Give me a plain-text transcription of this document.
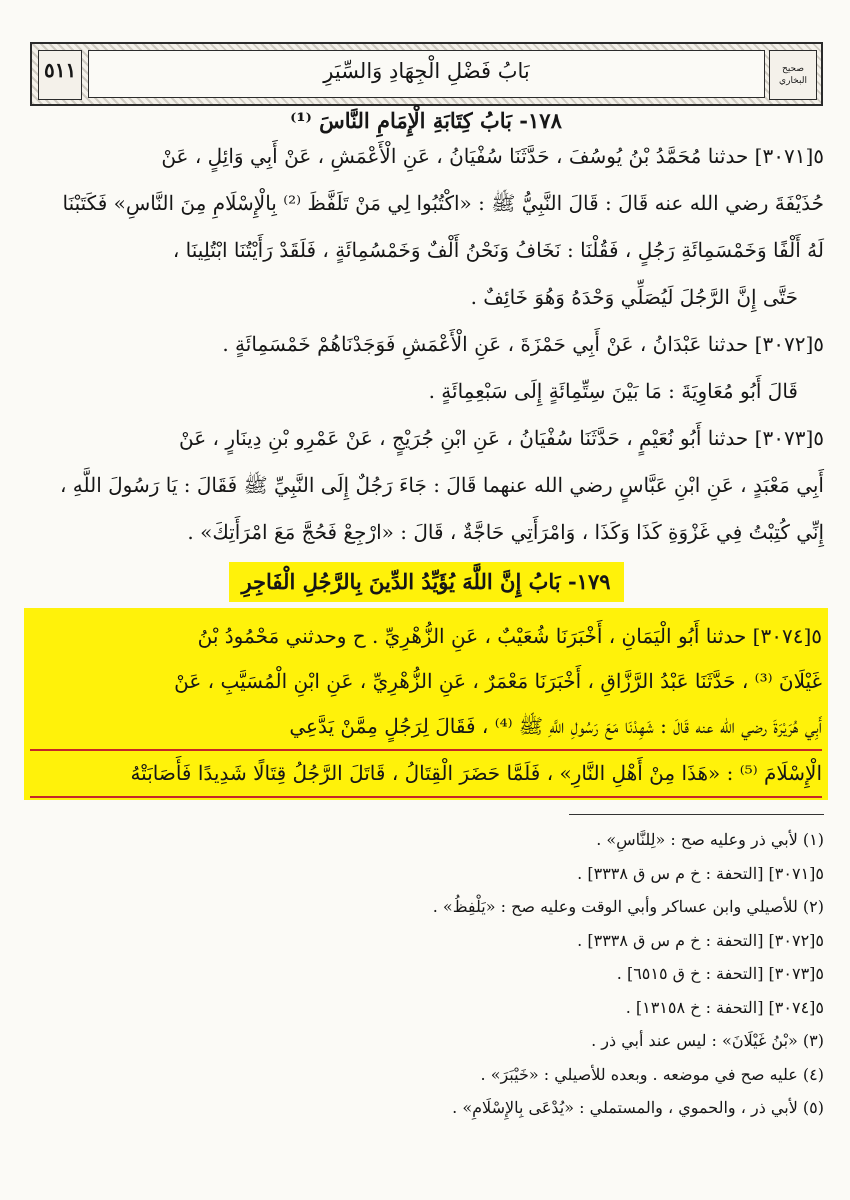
بَابُ فَضْلِ الْجِهَادِ وَالسِّيَرِ
٥١١	صحيح
البخاري

١٧٨- بَابُ كِتَابَةِ الْإِمَامِ النَّاسَ ⁽¹⁾

٥[٣٠٧١] حدثنا مُحَمَّدُ بْنُ يُوسُفَ ، حَدَّثَنَا سُفْيَانُ ، عَنِ الْأَعْمَشِ ، عَنْ أَبِي وَائِلٍ ، عَنْ

حُذَيْفَةَ رضي الله عنه قَالَ : قَالَ النَّبِيُّ ﷺ : «اكْتُبُوا لِي مَنْ تَلَفَّظَ ⁽²⁾ بِالْإِسْلَامِ مِنَ النَّاسِ» فَكَتَبْنَا

لَهُ أَلْفًا وَخَمْسَمِائَةِ رَجُلٍ ، فَقُلْنَا : نَخَافُ وَنَحْنُ أَلْفٌ وَخَمْسُمِائَةٍ ، فَلَقَدْ رَأَيْتُنَا ابْتُلِينَا ،

حَتَّى إِنَّ الرَّجُلَ لَيُصَلِّي وَحْدَهُ وَهُوَ خَائِفٌ .

٥[٣٠٧٢] حدثنا عَبْدَانُ ، عَنْ أَبِي حَمْزَةَ ، عَنِ الْأَعْمَشِ فَوَجَدْنَاهُمْ خَمْسَمِائَةٍ .

قَالَ أَبُو مُعَاوِيَةَ : مَا بَيْنَ سِتِّمِائَةٍ إِلَى سَبْعِمِائَةٍ .

٥[٣٠٧٣] حدثنا أَبُو نُعَيْمٍ ، حَدَّثَنَا سُفْيَانُ ، عَنِ ابْنِ جُرَيْجٍ ، عَنْ عَمْرِو بْنِ دِينَارٍ ، عَنْ

أَبِي مَعْبَدٍ ، عَنِ ابْنِ عَبَّاسٍ رضي الله عنهما قَالَ : جَاءَ رَجُلٌ إِلَى النَّبِيِّ ﷺ فَقَالَ : يَا رَسُولَ اللَّهِ ،

إِنِّي كُتِبْتُ فِي غَزْوَةِ كَذَا وَكَذَا ، وَامْرَأَتِي حَاجَّةٌ ، قَالَ : «ارْجِعْ فَحُجَّ مَعَ امْرَأَتِكَ» .

١٧٩- بَابُ إِنَّ اللَّهَ يُؤَيِّدُ الدِّينَ بِالرَّجُلِ الْفَاجِرِ

٥[٣٠٧٤] حدثنا أَبُو الْيَمَانِ ، أَخْبَرَنَا شُعَيْبٌ ، عَنِ الزُّهْرِيِّ . ح وحدثني مَحْمُودُ بْنُ

غَيْلَانَ ⁽³⁾ ، حَدَّثَنَا عَبْدُ الرَّزَّاقِ ، أَخْبَرَنَا مَعْمَرٌ ، عَنِ الزُّهْرِيِّ ، عَنِ ابْنِ الْمُسَيَّبِ ، عَنْ

أَبِي هُرَيْرَةَ رضي الله عنه قَالَ : شَهِدْنَا مَعَ رَسُولِ اللَّهِ ﷺ ⁽⁴⁾ ، فَقَالَ لِرَجُلٍ مِمَّنْ يَدَّعِي

الْإِسْلَامَ ⁽⁵⁾ : «هَذَا مِنْ أَهْلِ النَّارِ» ، فَلَمَّا حَضَرَ الْقِتَالُ ، قَاتَلَ الرَّجُلُ قِتَالًا شَدِيدًا فَأَصَابَتْهُ

(١) لأبي ذر وعليه صح : «لِلنَّاسِ» .

٥[٣٠٧١] [التحفة : خ م س ق ٣٣٣٨] .

(٢) للأصيلي وابن عساكر وأبي الوقت وعليه صح : «يَلْفِظُ» .

٥[٣٠٧٢] [التحفة : خ م س ق ٣٣٣٨] .

٥[٣٠٧٣] [التحفة : خ ق ٦٥١٥] .

٥[٣٠٧٤] [التحفة : خ ١٣١٥٨] .

(٣) «بْنُ غَيْلَانَ» : ليس عند أبي ذر .

(٤) عليه صح في موضعه . وبعده للأصيلي : «خَيْبَرَ» .

(٥) لأبي ذر ، والحموي ، والمستملي : «يُدْعَى بِالإِسْلَامِ» .
